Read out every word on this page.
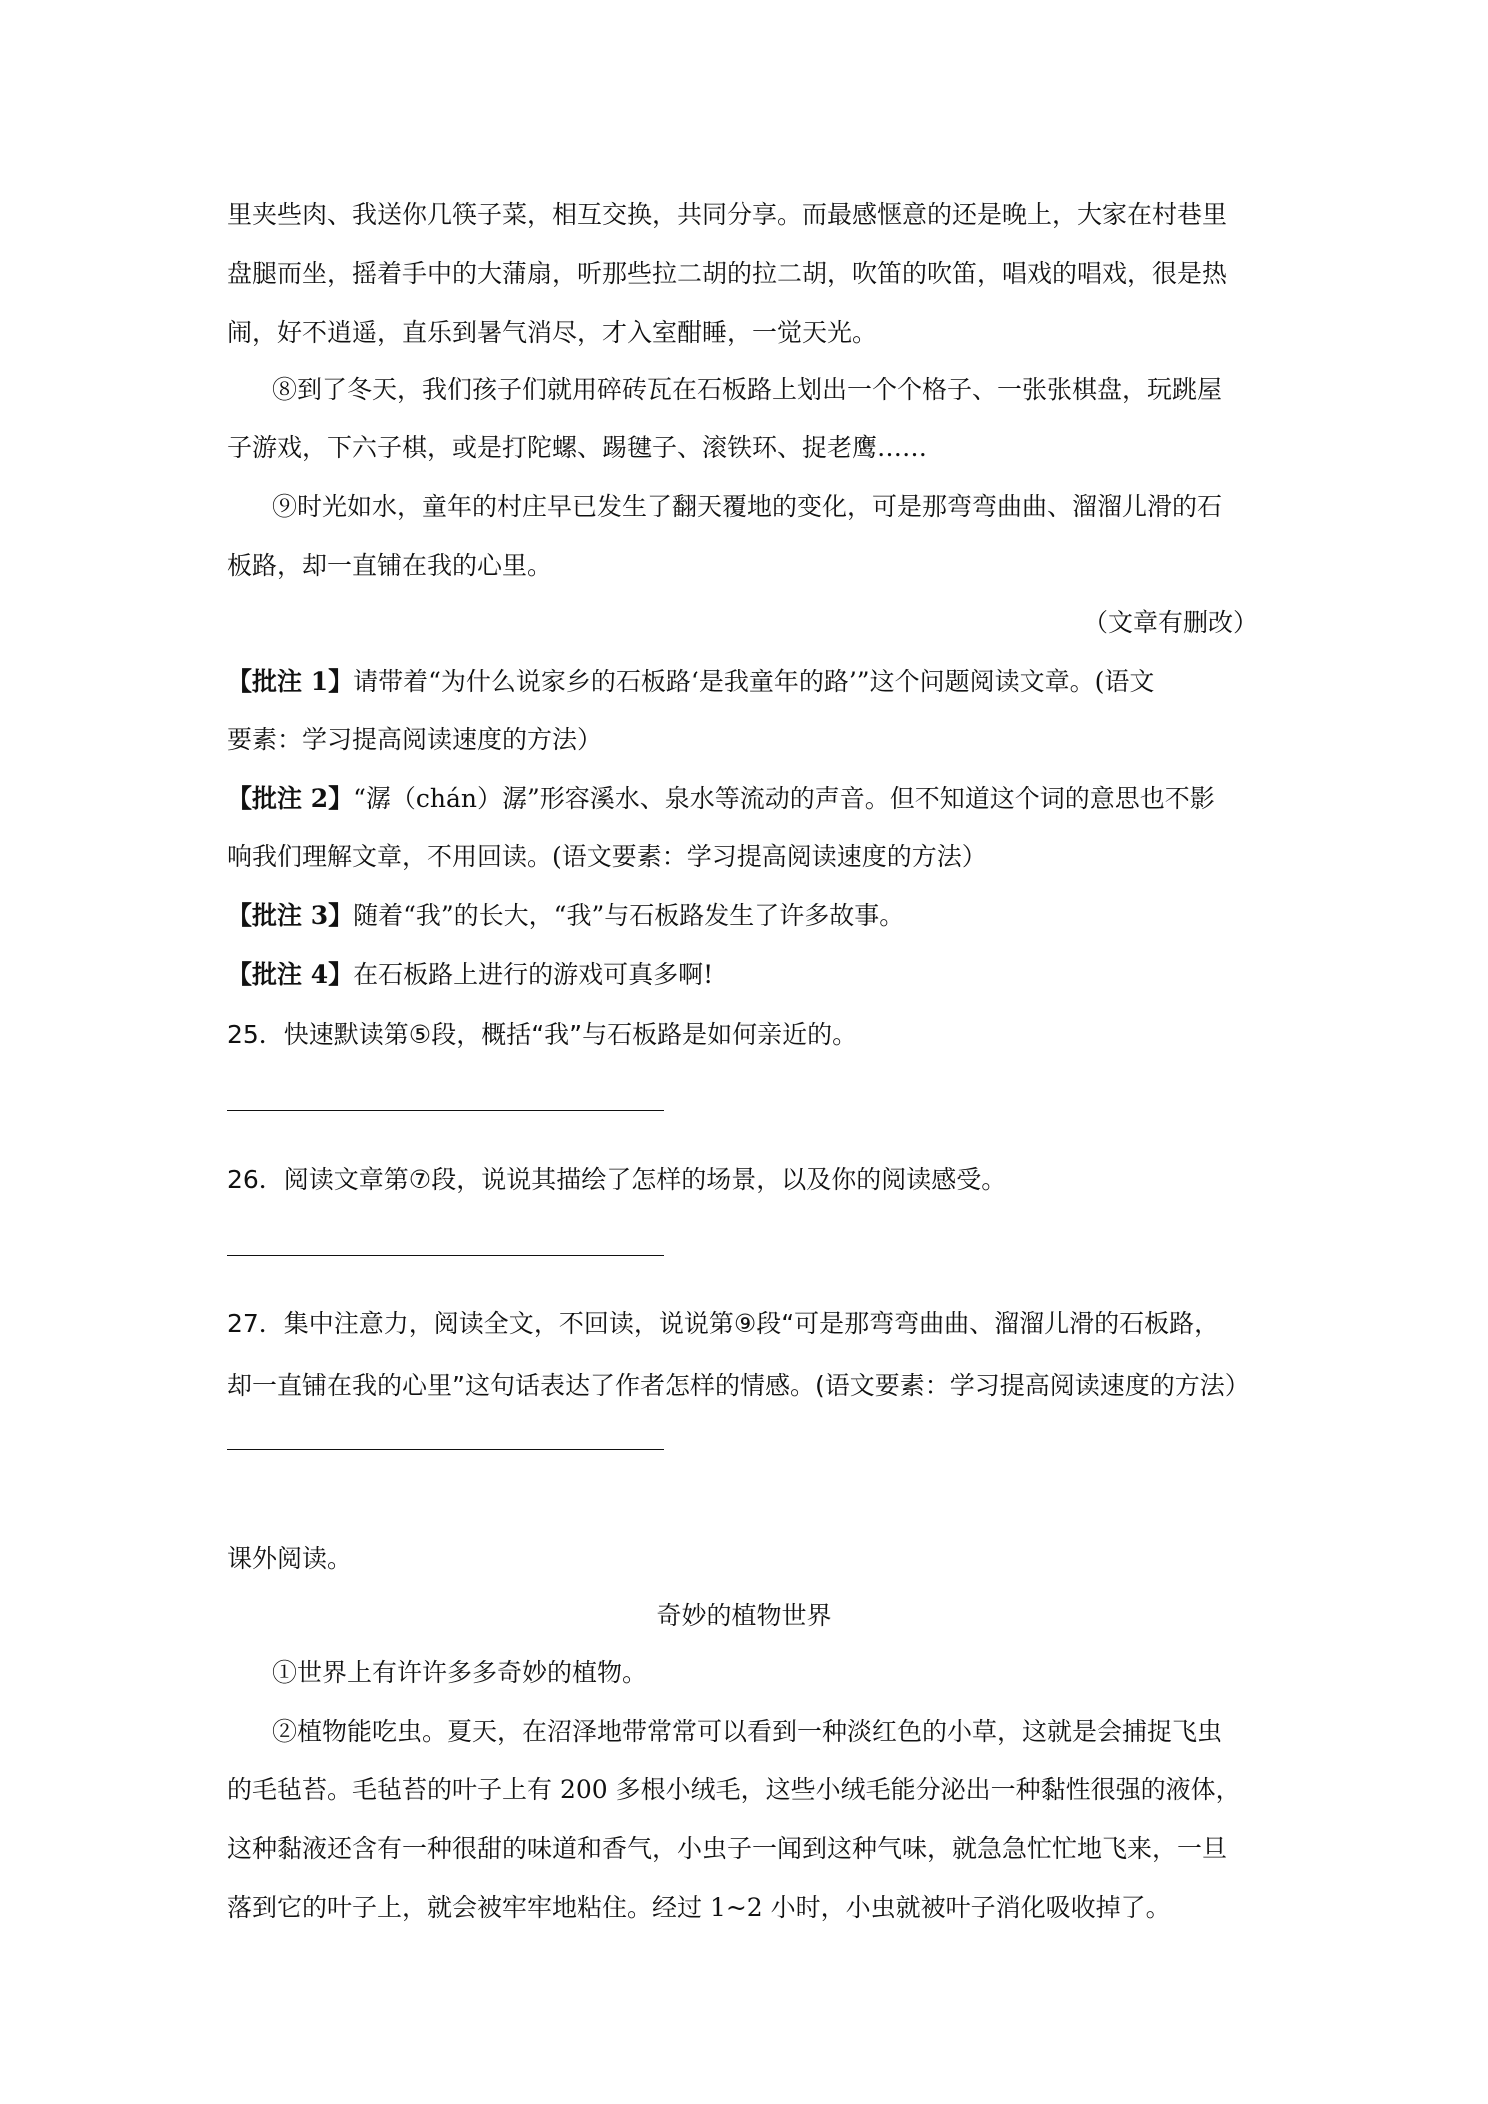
里夹些肉、我送你几筷子菜，相互交换，共同分享。而最感惬意的还是晚上，大家在村巷里
盘腿而坐，摇着手中的大蒲扇，听那些拉二胡的拉二胡，吹笛的吹笛，唱戏的唱戏，很是热
闹，好不逍遥，直乐到暑气消尽，才入室酣睡，一觉天光。
⑧到了冬天，我们孩子们就用碎砖瓦在石板路上划出一个个格子、一张张棋盘，玩跳屋
子游戏，下六子棋，或是打陀螺、踢毽子、滚铁环、捉老鹰……
⑨时光如水，童年的村庄早已发生了翻天覆地的变化，可是那弯弯曲曲、溜溜儿滑的石
板路，却一直铺在我的心里。
（文章有删改）
【批注 1】请带着“为什么说家乡的石板路‘是我童年的路’”这个问题阅读文章。(语文
要素：学习提高阅读速度的方法）
【批注 2】“潺（chán）潺”形容溪水、泉水等流动的声音。但不知道这个词的意思也不影
响我们理解文章，不用回读。(语文要素：学习提高阅读速度的方法）
【批注 3】随着“我”的长大，“我”与石板路发生了许多故事。
【批注 4】在石板路上进行的游戏可真多啊!
25．快速默读第⑤段，概括“我”与石板路是如何亲近的。
26．阅读文章第⑦段，说说其描绘了怎样的场景，以及你的阅读感受。
27．集中注意力，阅读全文，不回读，说说第⑨段“可是那弯弯曲曲、溜溜儿滑的石板路，
却一直铺在我的心里”这句话表达了作者怎样的情感。(语文要素：学习提高阅读速度的方法）
课外阅读。
奇妙的植物世界
①世界上有许许多多奇妙的植物。
②植物能吃虫。夏天，在沼泽地带常常可以看到一种淡红色的小草，这就是会捕捉飞虫
的毛毡苔。毛毡苔的叶子上有 200 多根小绒毛，这些小绒毛能分泌出一种黏性很强的液体，
这种黏液还含有一种很甜的味道和香气，小虫子一闻到这种气味，就急急忙忙地飞来，一旦
落到它的叶子上，就会被牢牢地粘住。经过 1~2 小时，小虫就被叶子消化吸收掉了。
